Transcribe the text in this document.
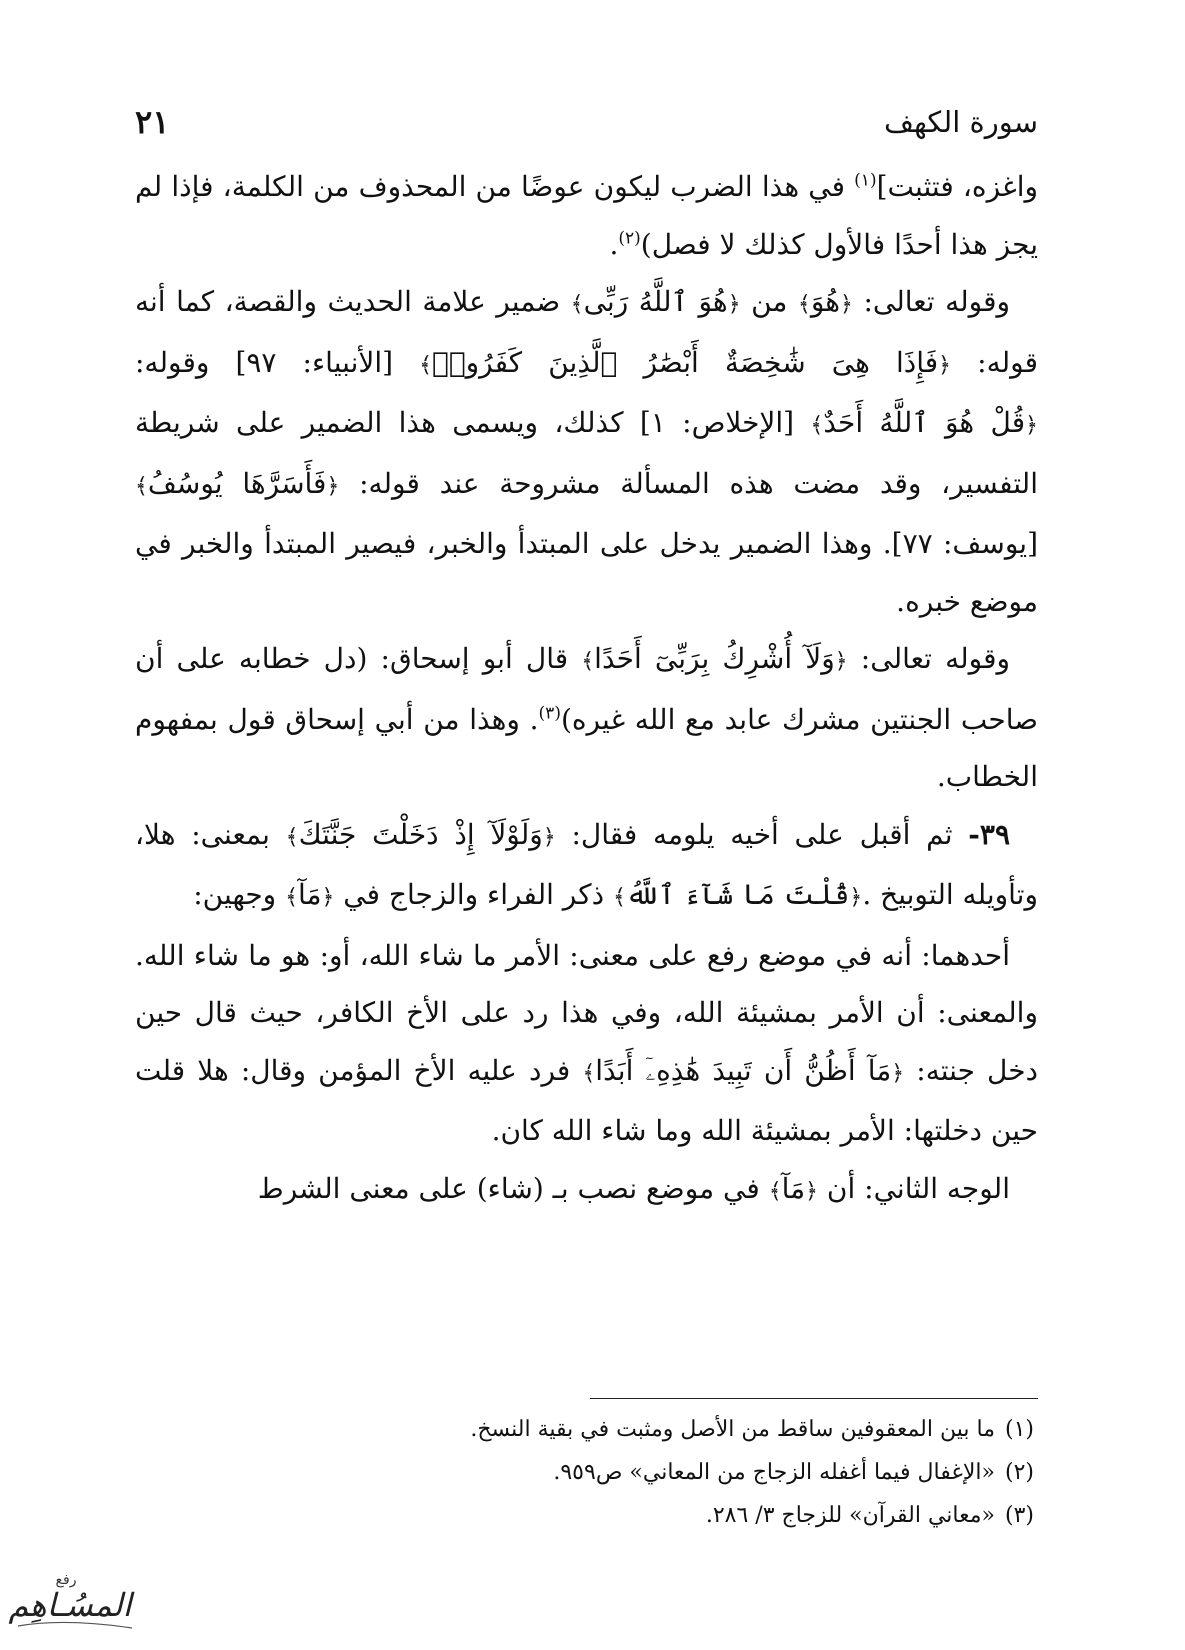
سورة الكهف
٢١

واغزه، فتثبت]$^{(١)}$ في هذا الضرب ليكون عوضًا من المحذوف من الكلمة، فإذا لم يجز هذا أحدًا فالأول كذلك لا فصل)$^{(٢)}$.

وقوله تعالى: ﴿هُوَ﴾ من ﴿هُوَ ٱللَّهُ رَبِّى﴾ ضمير علامة الحديث والقصة، كما أنه قوله: ﴿فَإِذَا هِىَ شَٰخِصَةٌ أَبْصَٰرُ ٱلَّذِينَ كَفَرُوا۟﴾ [الأنبياء: ٩٧] وقوله: ﴿قُلْ هُوَ ٱللَّهُ أَحَدٌ﴾ [الإخلاص: ١] كذلك، ويسمى هذا الضمير على شريطة التفسير، وقد مضت هذه المسألة مشروحة عند قوله: ﴿فَأَسَرَّهَا يُوسُفُ﴾ [يوسف: ٧٧]. وهذا الضمير يدخل على المبتدأ والخبر، فيصير المبتدأ والخبر في موضع خبره.

وقوله تعالى: ﴿وَلَآ أُشْرِكُ بِرَبِّىٓ أَحَدًا﴾ قال أبو إسحاق: (دل خطابه على أن صاحب الجنتين مشرك عابد مع الله غيره)$^{(٣)}$. وهذا من أبي إسحاق قول بمفهوم الخطاب.

٣٩- ثم أقبل على أخيه يلومه فقال: ﴿وَلَوْلَآ إِذْ دَخَلْتَ جَنَّتَكَ﴾ بمعنى: هلا، وتأويله التوبيخ .﴿قُلْتَ مَا شَآءَ ٱللَّهُ﴾ ذكر الفراء والزجاج في ﴿مَآ﴾ وجهين:

أحدهما: أنه في موضع رفع على معنى: الأمر ما شاء الله، أو: هو ما شاء الله. والمعنى: أن الأمر بمشيئة الله، وفي هذا رد على الأخ الكافر، حيث قال حين دخل جنته: ﴿مَآ أَظُنُّ أَن تَبِيدَ هَٰذِهِۦٓ أَبَدًا﴾ فرد عليه الأخ المؤمن وقال: هلا قلت حين دخلتها: الأمر بمشيئة الله وما شاء الله كان.

الوجه الثاني: أن ﴿مَآ﴾ في موضع نصب بـ (شاء) على معنى الشرط

(١)ما بين المعقوفين ساقط من الأصل ومثبت في بقية النسخ.

(٢)«الإغفال فيما أغفله الزجاج من المعاني» ص٩٥٩.

(٣)«معاني القرآن» للزجاج ٣/ ٢٨٦.

رفع
المسُـاهِم
